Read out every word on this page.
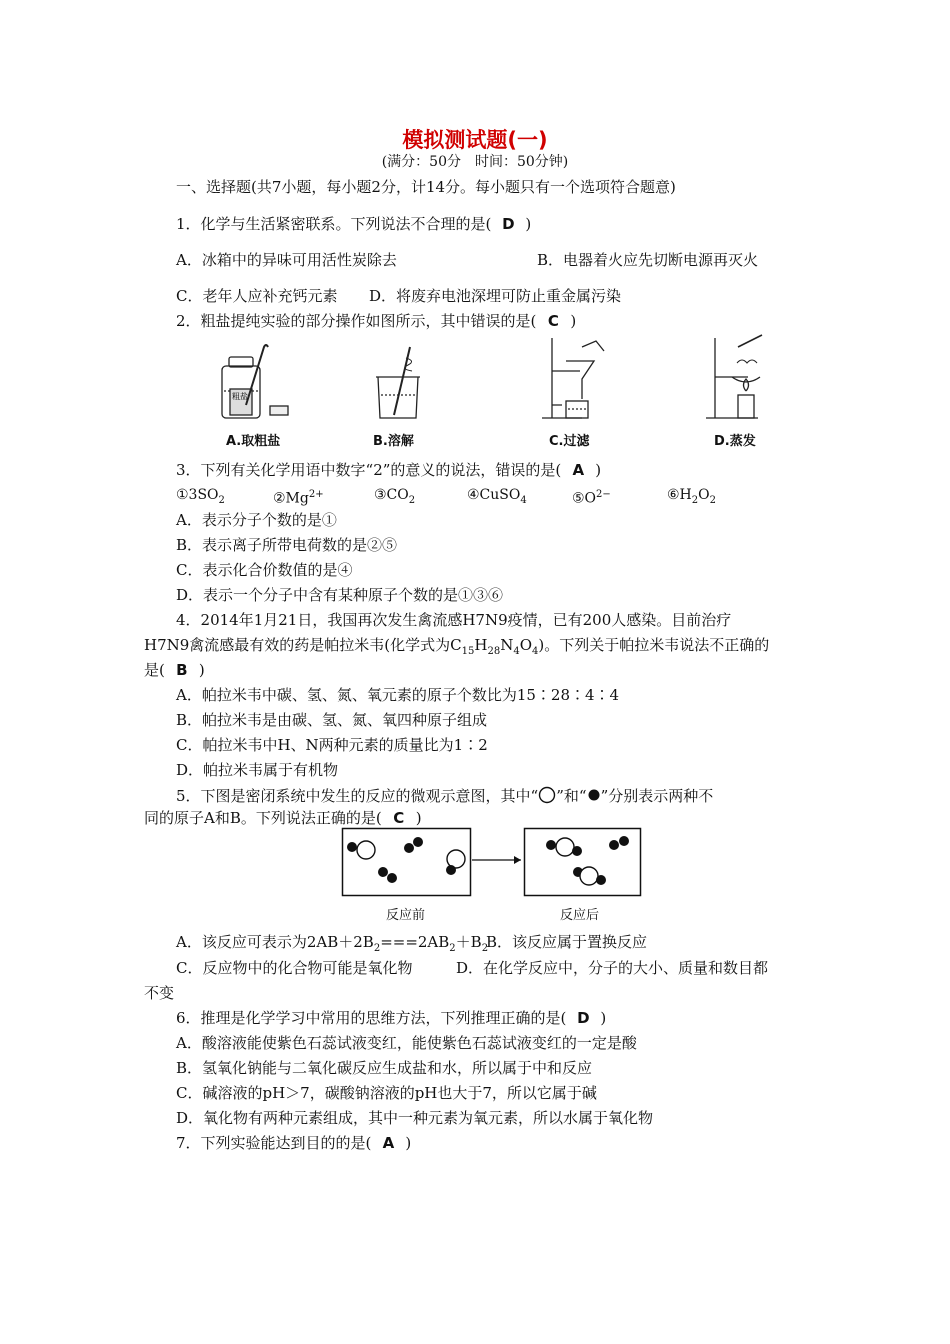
模拟测试题(一)
(满分：50分　时间：50分钟)
一、选择题(共7小题，每小题2分，计14分。每小题只有一个选项符合题意)
1．化学与生活紧密联系。下列说法不合理的是( D )
A．冰箱中的异味可用活性炭除去	B．电器着火应先切断电源再灭火
C．老年人应补充钙元素 D．将废弃电池深埋可防止重金属污染
2．粗盐提纯实验的部分操作如图所示，其中错误的是( C )
粗盐
A.取粗盐	B.溶解	C.过滤	D.蒸发
3．下列有关化学用语中数字“2”的意义的说法，错误的是( A )
$①3SO_2$	$②Mg^{2+}$	$③CO_2$	④CuSO$_4$	$⑤O^{2-}$	$⑥H_2O_2$
A．表示分子个数的是①
B．表示离子所带电荷数的是②⑤
C．表示化合价数值的是④
D．表示一个分子中含有某种原子个数的是①③⑥
4．2014年1月21日，我国再次发生禽流感H7N9疫情，已有200人感染。目前治疗
H7N9禽流感最有效的药是帕拉米韦(化学式为$C_{15}H_{28}N_4O_4$)。下列关于帕拉米韦说法不正确的
是( B )
A．帕拉米韦中碳、氢、氮、氧元素的原子个数比为15∶28∶4∶4
B．帕拉米韦是由碳、氢、氮、氧四种原子组成
C．帕拉米韦中H、N两种元素的质量比为1∶2
D．帕拉米韦属于有机物
5．下图是密闭系统中发生的反应的微观示意图，其中“ ”和“ ”分别表示两种不
同的原子A和B。下列说法正确的是( C )
反应前	反应后
A．该反应可表示为$2AB+2B_2===2AB_2+B_2$
B．该反应属于置换反应
C．反应物中的化合物可能是氧化物	D．在化学反应中，分子的大小、质量和数目都
不变
6．推理是化学学习中常用的思维方法，下列推理正确的是( D )
A．酸溶液能使紫色石蕊试液变红，能使紫色石蕊试液变红的一定是酸
B．氢氧化钠能与二氧化碳反应生成盐和水，所以属于中和反应
C．碱溶液的pH＞7，碳酸钠溶液的pH也大于7，所以它属于碱
D．氧化物有两种元素组成，其中一种元素为氧元素，所以水属于氧化物
7．下列实验能达到目的的是( A )
